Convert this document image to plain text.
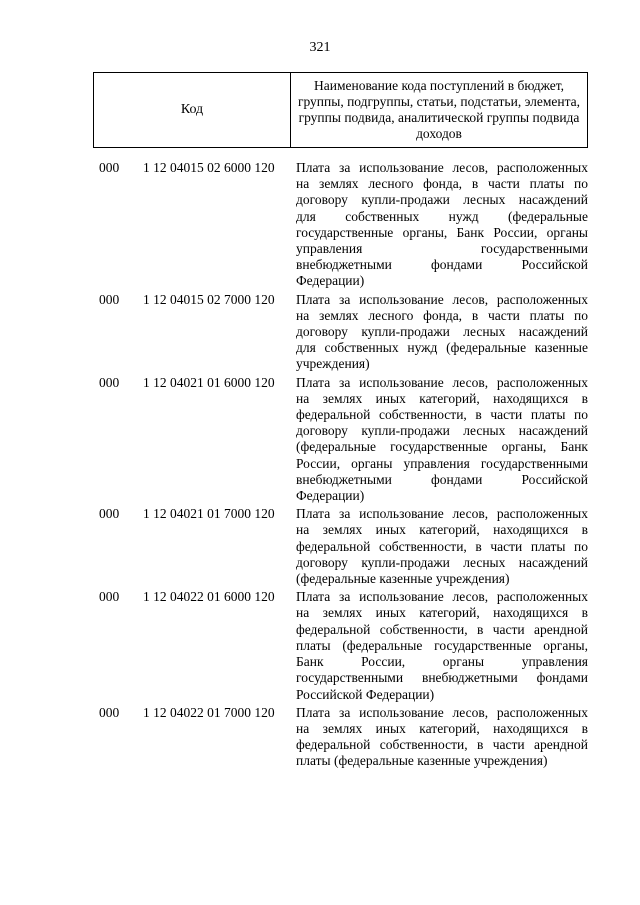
321
Код
Наименование кода поступлений в бюджет, группы, подгруппы, статьи, подстатьи, элемента, группы подвида, аналитической группы подвида доходов
000	1 12 04015 02 6000 120	Плата за использование лесов, расположенных
на землях лесного фонда, в части платы по
договору купли-продажи лесных насаждений
для собственных нужд (федеральные
государственные органы, Банк России, органы
управления государственными
внебюджетными фондами Российской
Федерации)
000	1 12 04015 02 7000 120	Плата за использование лесов, расположенных
на землях лесного фонда, в части платы по
договору купли-продажи лесных насаждений
для собственных нужд (федеральные казенные
учреждения)
000	1 12 04021 01 6000 120	Плата за использование лесов, расположенных
на землях иных категорий, находящихся в
федеральной собственности, в части платы по
договору купли-продажи лесных насаждений
(федеральные государственные органы, Банк
России, органы управления государственными
внебюджетными фондами Российской
Федерации)
000	1 12 04021 01 7000 120	Плата за использование лесов, расположенных
на землях иных категорий, находящихся в
федеральной собственности, в части платы по
договору купли-продажи лесных насаждений
(федеральные казенные учреждения)
000	1 12 04022 01 6000 120	Плата за использование лесов, расположенных
на землях иных категорий, находящихся в
федеральной собственности, в части арендной
платы (федеральные государственные органы,
Банк России, органы управления
государственными внебюджетными фондами
Российской Федерации)
000	1 12 04022 01 7000 120	Плата за использование лесов, расположенных
на землях иных категорий, находящихся в
федеральной собственности, в части арендной
платы (федеральные казенные учреждения)
